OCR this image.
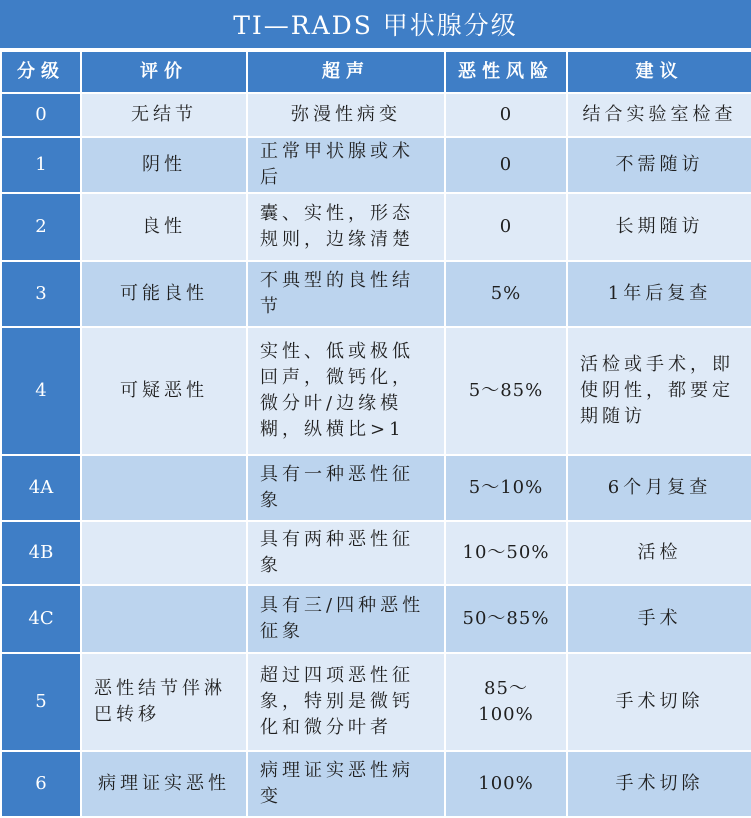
TI—RADS 甲状腺分级
分级	评价	超声	恶性风险	建议
0	无结节	弥漫性病变	0	结合实验室检查
1	阴性	正常甲状腺或术后	0	不需随访
2	良性	囊、实性，形态规则，边缘清楚	0	长期随访
3	可能良性	不典型的良性结节	5%	1年后复查
4	可疑恶性	实性、低或极低回声，微钙化，微分叶/边缘模糊，纵横比>1	5～85%	活检或手术，即使阴性，都要定期随访
4A		具有一种恶性征象	5～10%	6个月复查
4B		具有两种恶性征象	10～50%	活检
4C		具有三/四种恶性征象	50～85%	手术
5	恶性结节伴淋巴转移	超过四项恶性征象，特别是微钙化和微分叶者	85～100%	手术切除
6	病理证实恶性	病理证实恶性病变	100%	手术切除
